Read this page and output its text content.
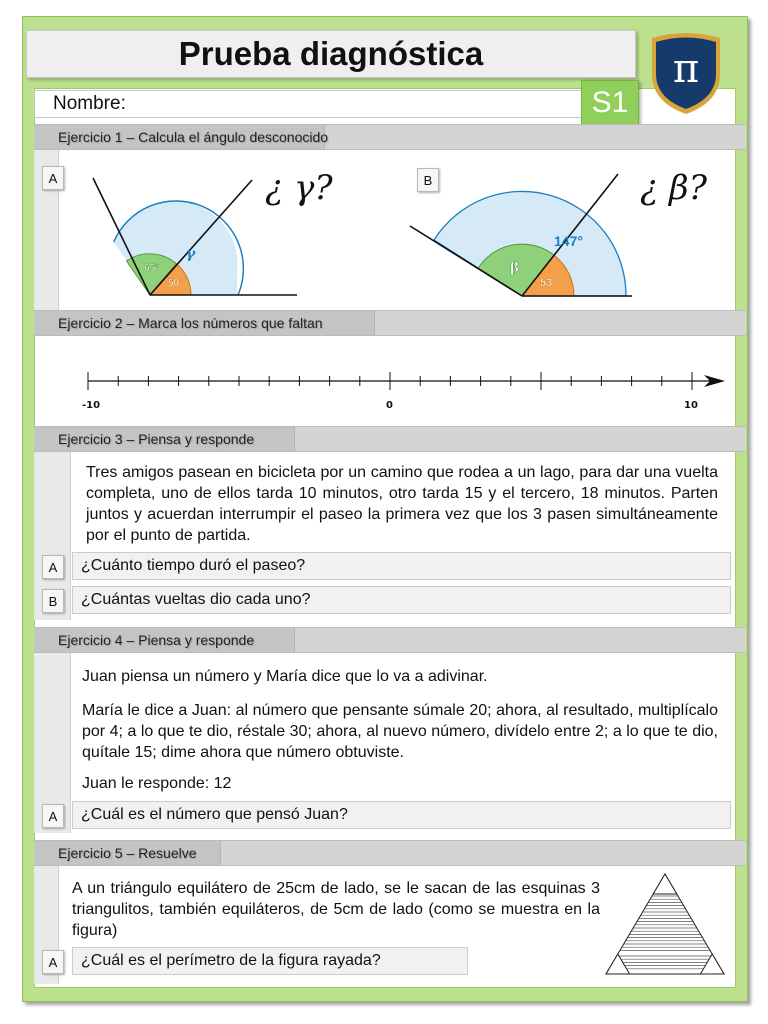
Prueba diagnóstica
Nombre:	S1
π
Ejercicio 1 – Calcula el ángulo desconocido
A
65°
50°
γ
¿ γ?	B
β
53°
147°
¿ β?
Ejercicio 2 – Marca los números que faltan
-10	0	10
Ejercicio 3 – Piensa y responde
Tres amigos pasean en bicicleta por un camino que rodea a un lago, para dar una vuelta completa, uno de ellos tarda 10 minutos, otro tarda 15 y el tercero, 18 minutos. Parten juntos y acuerdan interrumpir el paseo la primera vez que los 3 pasen simultáneamente por el punto de partida.
A ¿Cuánto tiempo duró el paseo?
B ¿Cuántas vueltas dio cada uno?
Ejercicio 4 – Piensa y responde
Juan piensa un número y María dice que lo va a adivinar.
María le dice a Juan: al número que pensante súmale 20; ahora, al resultado, multiplícalo por 4; a lo que te dio, réstale 30; ahora, al nuevo número, divídelo entre 2; a lo que te dio, quítale 15; dime ahora que número obtuviste.
Juan le responde: 12
A ¿Cuál es el número que pensó Juan?
Ejercicio 5 – Resuelve
A un triángulo equilátero de 25cm de lado, se le sacan de las esquinas 3 triangulitos, también equiláteros, de 5cm de lado (como se muestra en la figura)
A ¿Cuál es el perímetro de la figura rayada?
